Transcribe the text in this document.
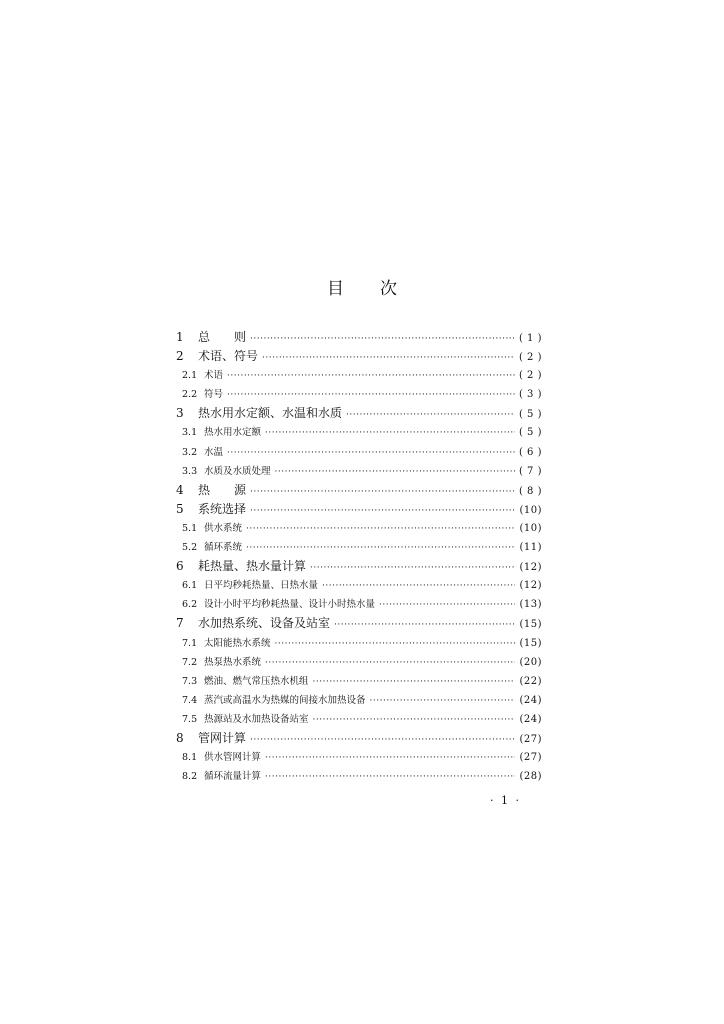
目次
1	总　　则 ·····	( 1 )
2	术语、符号 ·····	( 2 )
2.1 术语 ·····	( 2 )
2.2 符号 ·····	( 3 )
3	热水用水定额、水温和水质 ·····	( 5 )
3.1 热水用水定额 ·····	( 5 )
3.2 水温 ·····	( 6 )
3.3 水质及水质处理 ·····	( 7 )
4	热　　源 ·····	( 8 )
5	系统选择 ·····	(10)
5.1 供水系统 ·····	(10)
5.2 循环系统 ·····	(11)
6	耗热量、热水量计算 ·····	(12)
6.1 日平均秒耗热量、日热水量 ·····	(12)
6.2 设计小时平均秒耗热量、设计小时热水量 ·····	(13)
7	水加热系统、设备及站室 ·····	(15)
7.1 太阳能热水系统 ·····	(15)
7.2 热泵热水系统 ·····	(20)
7.3 燃油、燃气常压热水机组 ·····	(22)
7.4 蒸汽或高温水为热媒的间接水加热设备 ·····	(24)
7.5 热源站及水加热设备站室 ·····	(24)
8	管网计算 ·····	(27)
8.1 供水管网计算 ·····	(27)
8.2 循环流量计算 ·····	(28)
· 1 ·
